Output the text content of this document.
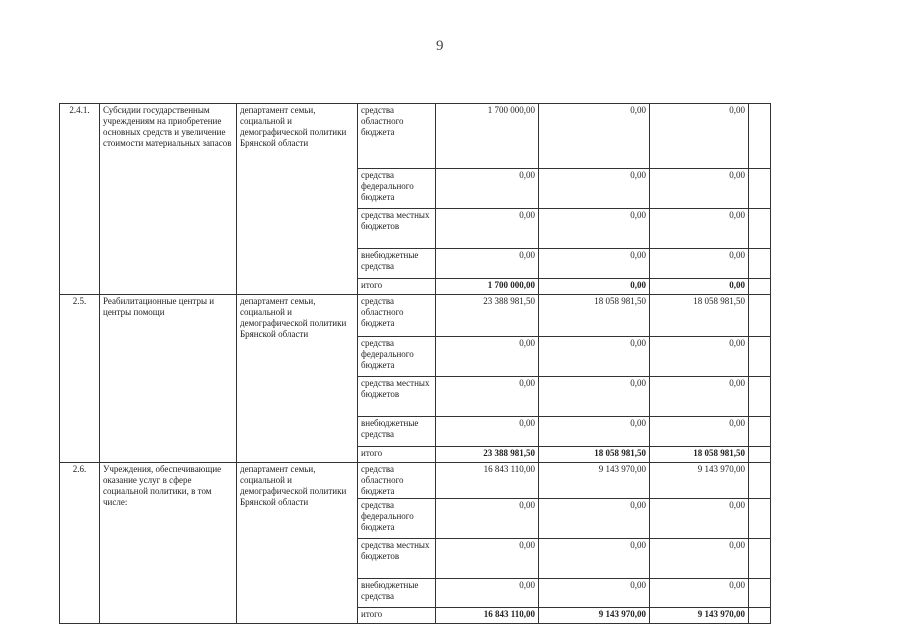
9
2.4.1.	Субсидии государственным учреждениям на приобретение основных средств и увеличение стоимости материальных запасов	департамент семьи, социальной и демографической политики Брянской области	средства областного бюджета	1 700 000,00	0,00	0,00	
			средства федерального бюджета	0,00	0,00	0,00	
			средства местных бюджетов	0,00	0,00	0,00	
			внебюджетные средства	0,00	0,00	0,00	
			итого	1 700 000,00	0,00	0,00	
2.5.	Реабилитационные центры и центры помощи	департамент семьи, социальной и демографической политики Брянской области	средства областного бюджета	23 388 981,50	18 058 981,50	18 058 981,50	
			средства федерального бюджета	0,00	0,00	0,00	
			средства местных бюджетов	0,00	0,00	0,00	
			внебюджетные средства	0,00	0,00	0,00	
			итого	23 388 981,50	18 058 981,50	18 058 981,50	
2.6.	Учреждения, обеспечивающие оказание услуг в сфере социальной политики, в том числе:	департамент семьи, социальной и демографической политики Брянской области	средства областного бюджета	16 843 110,00	9 143 970,00	9 143 970,00	
			средства федерального бюджета	0,00	0,00	0,00	
			средства местных бюджетов	0,00	0,00	0,00	
			внебюджетные средства	0,00	0,00	0,00	
			итого	16 843 110,00	9 143 970,00	9 143 970,00	
